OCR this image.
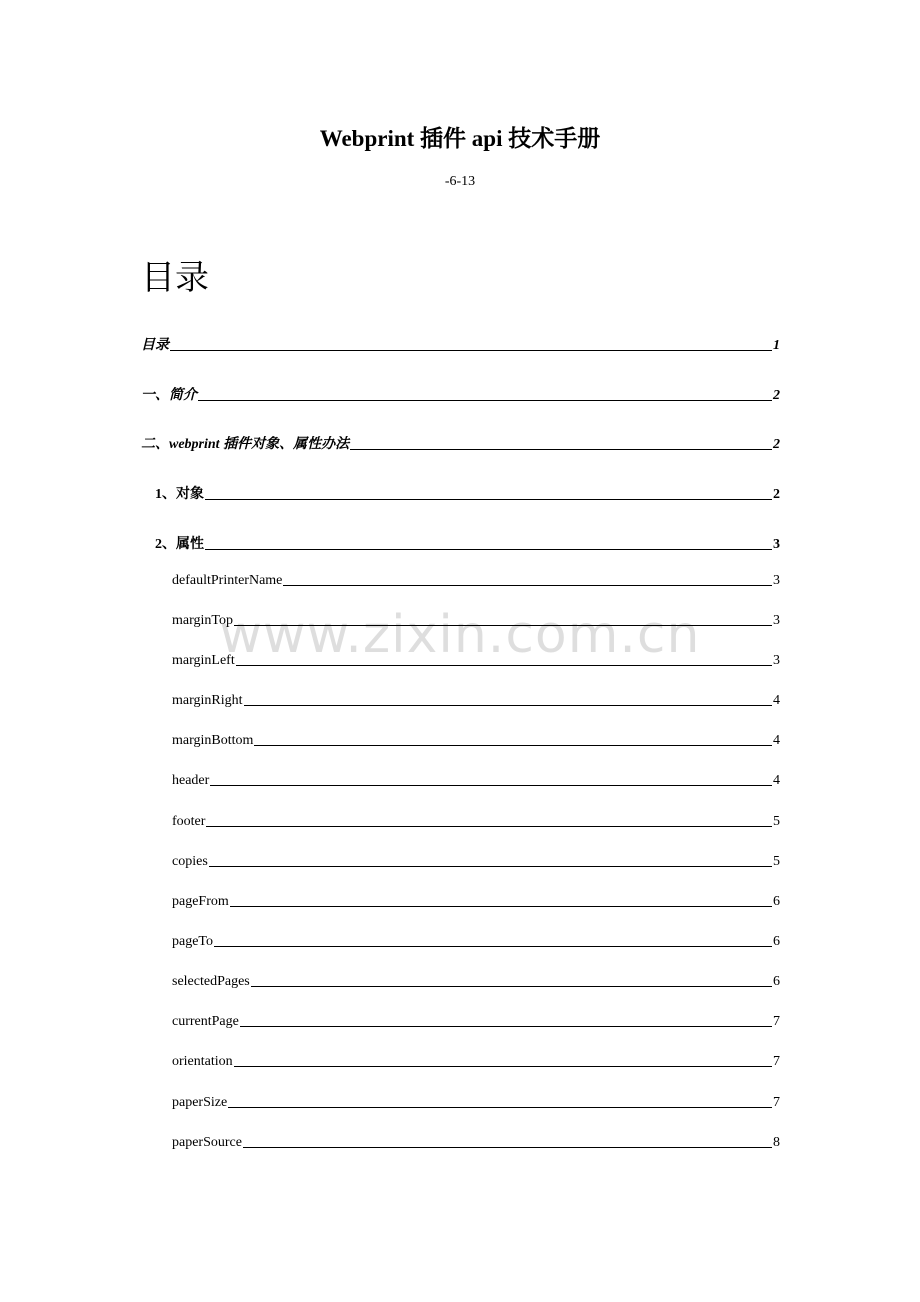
Webprint 插件 api 技术手册
-6-13
目录
目录	1
一、简介	2
二、webprint 插件对象、属性办法	2
1、对象	2
2、属性	3
defaultPrinterName	3
marginTop	3
marginLeft	3
marginRight	4
marginBottom	4
header	4
footer	5
copies	5
pageFrom	6
pageTo	6
selectedPages	6
currentPage	7
orientation	7
paperSize	7
paperSource	8
www.zixin.com.cn
